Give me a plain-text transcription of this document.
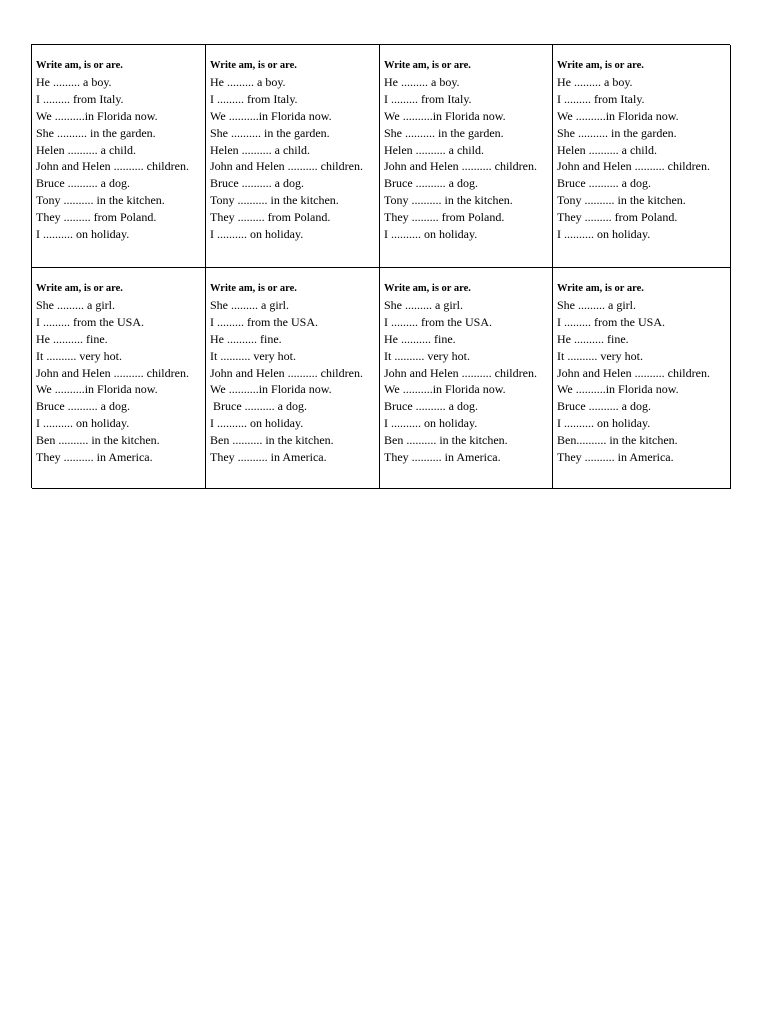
Write am, is or are.
He ......... a boy.
I ......... from Italy.
We ..........in Florida now.
She .......... in the garden.
Helen .......... a child.
John and Helen .......... children.
Bruce .......... a dog.
Tony .......... in the kitchen.
They ......... from Poland.
I .......... on holiday.
Write am, is or are.
He ......... a boy.
I ......... from Italy.
We ..........in Florida now.
She .......... in the garden.
Helen .......... a child.
John and Helen .......... children.
Bruce .......... a dog.
Tony .......... in the kitchen.
They ......... from Poland.
I .......... on holiday.
Write am, is or are.
He ......... a boy.
I ......... from Italy.
We ..........in Florida now.
She .......... in the garden.
Helen .......... a child.
John and Helen .......... children.
Bruce .......... a dog.
Tony .......... in the kitchen.
They ......... from Poland.
I .......... on holiday.
Write am, is or are.
He ......... a boy.
I ......... from Italy.
We ..........in Florida now.
She .......... in the garden.
Helen .......... a child.
John and Helen .......... children.
Bruce .......... a dog.
Tony .......... in the kitchen.
They ......... from Poland.
I .......... on holiday.
Write am, is or are.
She ......... a girl.
I ......... from the USA.
He .......... fine.
It .......... very hot.
John and Helen .......... children.
We ..........in Florida now.
Bruce .......... a dog.
I .......... on holiday.
Ben .......... in the kitchen.
They .......... in America.
Write am, is or are.
She ......... a girl.
I ......... from the USA.
He .......... fine.
It .......... very hot.
John and Helen .......... children.
We ..........in Florida now.
Bruce .......... a dog.
I .......... on holiday.
Ben .......... in the kitchen.
They .......... in America.
Write am, is or are.
She ......... a girl.
I ......... from the USA.
He .......... fine.
It .......... very hot.
John and Helen .......... children.
We ..........in Florida now.
Bruce .......... a dog.
I .......... on holiday.
Ben .......... in the kitchen.
They .......... in America.
Write am, is or are.
She ......... a girl.
I ......... from the USA.
He .......... fine.
It .......... very hot.
John and Helen .......... children.
We ..........in Florida now.
Bruce .......... a dog.
I .......... on holiday.
Ben.......... in the kitchen.
They .......... in America.
